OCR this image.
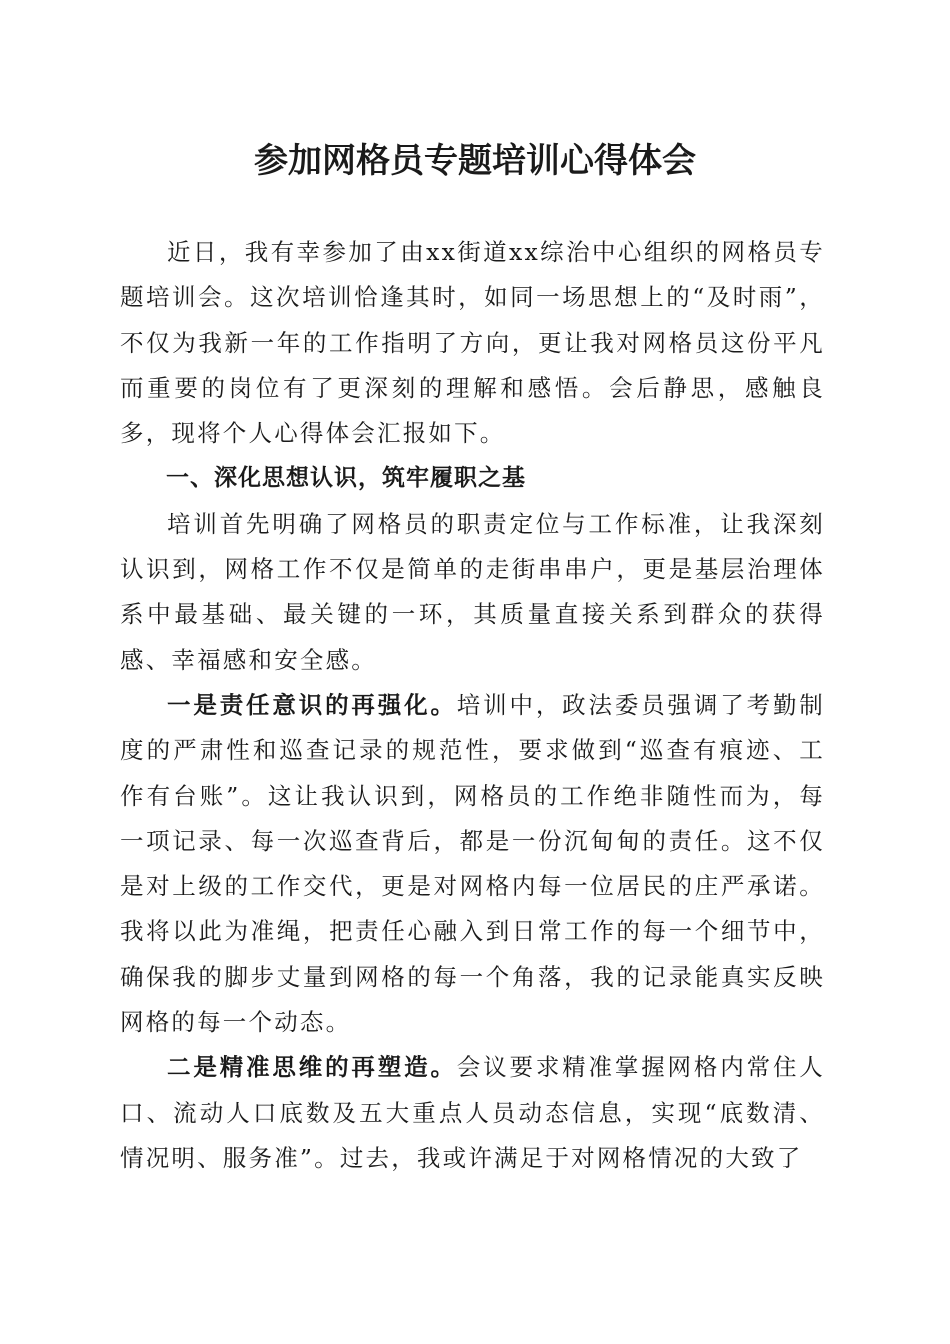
参加网格员专题培训心得体会

近日，我有幸参加了由xx街道xx综治中心组织的网格员专题培训会。这次培训恰逢其时，如同一场思想上的“及时雨”，不仅为我新一年的工作指明了方向，更让我对网格员这份平凡而重要的岗位有了更深刻的理解和感悟。会后静思，感触良多，现将个人心得体会汇报如下。

一、深化思想认识，筑牢履职之基

培训首先明确了网格员的职责定位与工作标准，让我深刻认识到，网格工作不仅是简单的走街串串户，更是基层治理体系中最基础、最关键的一环，其质量直接关系到群众的获得感、幸福感和安全感。

一是责任意识的再强化。培训中，政法委员强调了考勤制度的严肃性和巡查记录的规范性，要求做到“巡查有痕迹、工作有台账”。这让我认识到，网格员的工作绝非随性而为，每一项记录、每一次巡查背后，都是一份沉甸甸的责任。这不仅是对上级的工作交代，更是对网格内每一位居民的庄严承诺。我将以此为准绳，把责任心融入到日常工作的每一个细节中，确保我的脚步丈量到网格的每一个角落，我的记录能真实反映网格的每一个动态。

二是精准思维的再塑造。会议要求精准掌握网格内常住人口、流动人口底数及五大重点人员动态信息，实现“底数清、情况明、服务准”。过去，我或许满足于对网格情况的大致了
